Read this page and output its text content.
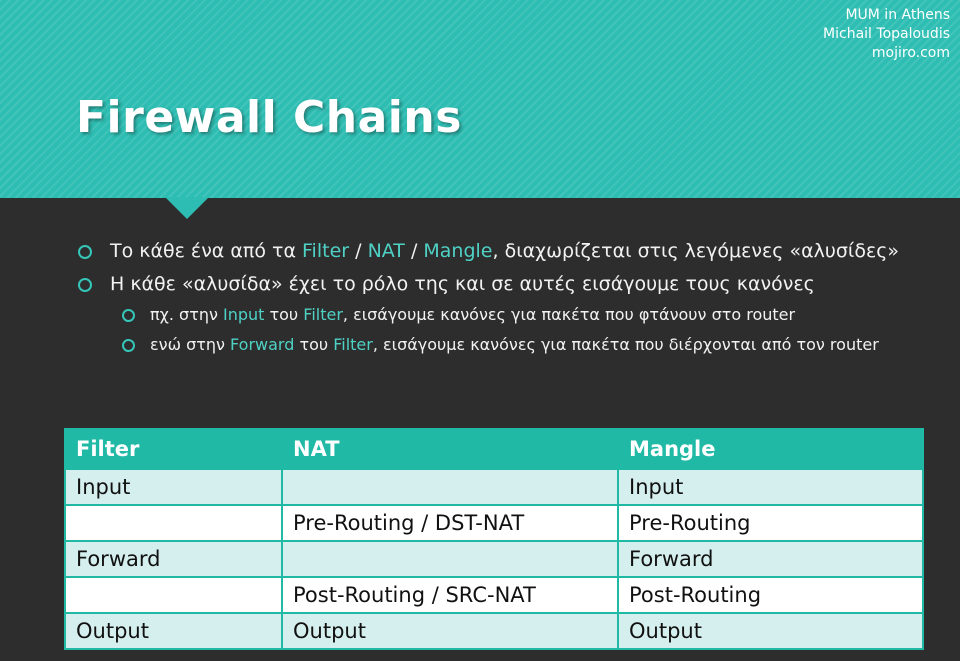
MUM in Athens
Michail Topaloudis
mojiro.com
Firewall Chains
Το κάθε ένα από τα Filter / NAT / Mangle, διαχωρίζεται στις λεγόμενες «αλυσίδες»
Η κάθε «αλυσίδα» έχει το ρόλο της και σε αυτές εισάγουμε τους κανόνες
πχ. στην Input του Filter, εισάγουμε κανόνες για πακέτα που φτάνουν στο router
ενώ στην Forward του Filter, εισάγουμε κανόνες για πακέτα που διέρχονται από τον router
Filter	NAT	Mangle
Input		Input
	Pre-Routing / DST-NAT	Pre-Routing
Forward		Forward
	Post-Routing / SRC-NAT	Post-Routing
Output	Output	Output
